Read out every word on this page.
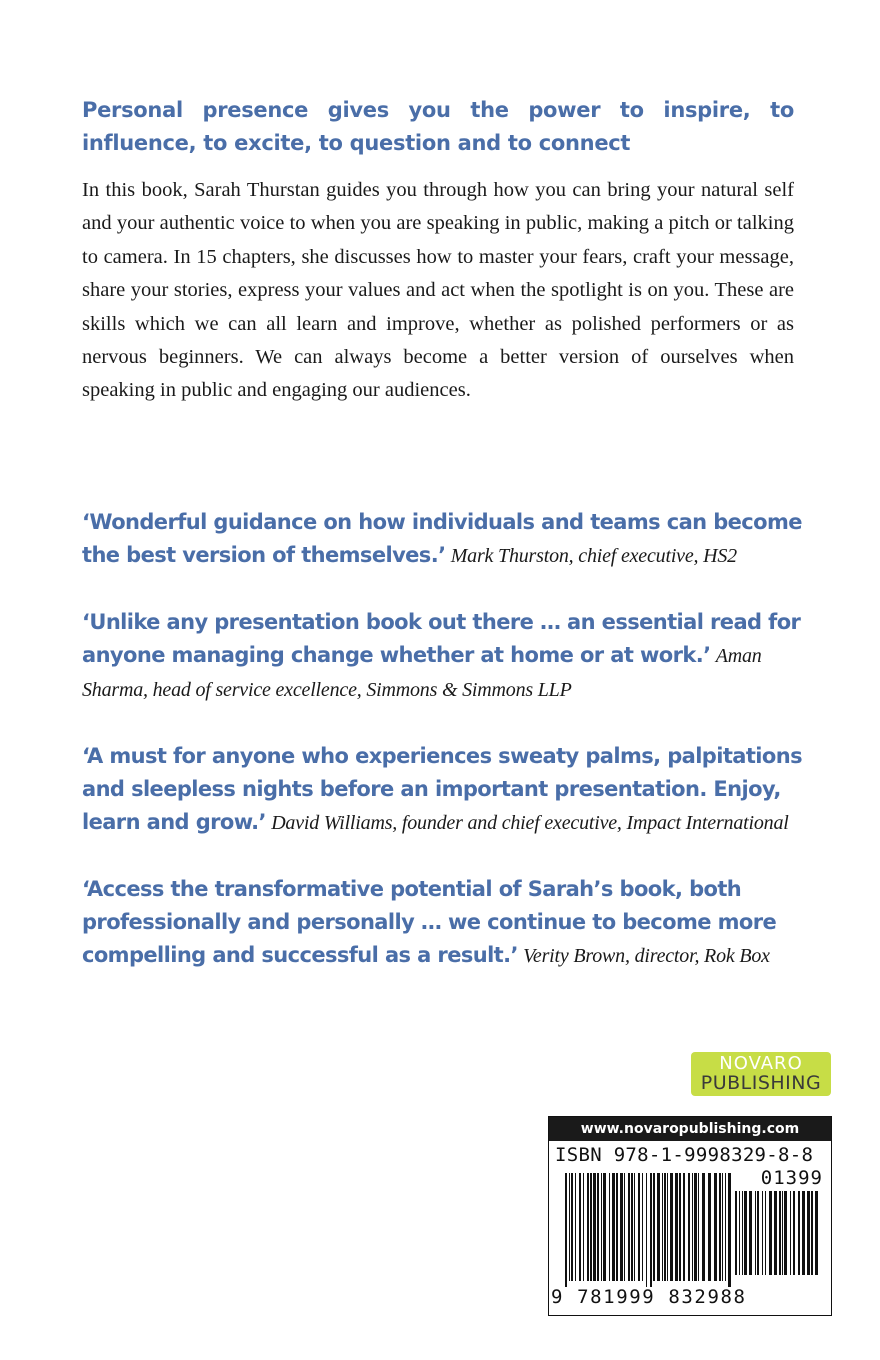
Personal presence gives you the power to inspire, to influence, to excite, to question and to connect
In this book, Sarah Thurstan guides you through how you can bring your natural self and your authentic voice to when you are speaking in public, making a pitch or talking to camera. In 15 chapters, she discusses how to master your fears, craft your message, share your stories, express your values and act when the spotlight is on you. These are skills which we can all learn and improve, whether as polished performers or as nervous beginners. We can always become a better version of ourselves when speaking in public and engaging our audiences.
‘Wonderful guidance on how individuals and teams can become the best version of themselves.’ Mark Thurston, chief executive, HS2
‘Unlike any presentation book out there … an essential read for anyone managing change whether at home or at work.’ Aman Sharma, head of service excellence, Simmons & Simmons LLP
‘A must for anyone who experiences sweaty palms, palpitations and sleepless nights before an important presentation. Enjoy, learn and grow.’ David Williams, founder and chief executive, Impact International
‘Access the transformative potential of Sarah’s book, both professionally and personally … we continue to become more compelling and successful as a result.’ Verity Brown, director, Rok Box
NOVARO
PUBLISHING
www.novaropublishing.com
ISBN 978-1-9998329-8-8
01399
9 781999 832988
